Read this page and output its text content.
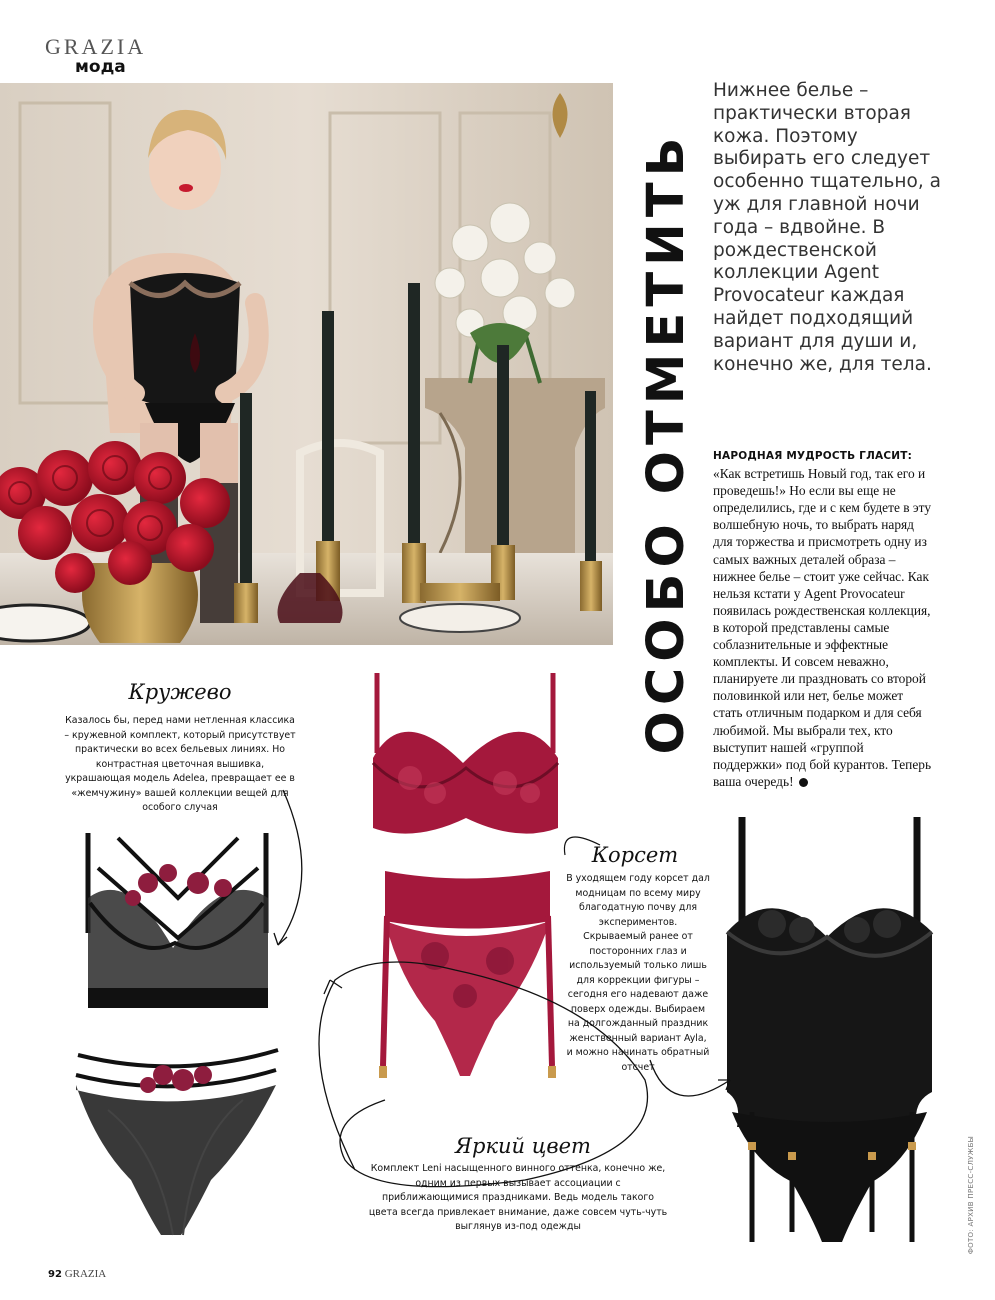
GRAZIA
мода
ОСОБО ОТМЕТИТЬ
Нижнее белье – практически вторая кожа. Поэтому выбирать его следует особенно тщательно, а уж для главной ночи года – вдвойне. В рождественской коллекции Agent Provocateur каждая найдет подходящий вариант для души и, конечно же, для тела.
НАРОДНАЯ МУДРОСТЬ ГЛАСИТ: «Как встретишь Новый год, так его и проведешь!» Но если вы еще не определились, где и с кем будете в эту волшебную ночь, то выбрать наряд для торжества и присмотреть одну из самых важных деталей образа – нижнее белье – стоит уже сейчас. Как нельзя кстати у Agent Provocateur появилась рождественская коллекция, в которой представлены самые соблазнительные и эффектные комплекты. И совсем неважно, планируете ли праздновать со второй половинкой или нет, белье может стать отличным подарком и для себя любимой. Мы выбрали тех, кто выступит нашей «группой поддержки» под бой курантов. Теперь ваша очередь!
Кружево
Казалось бы, перед нами нетленная классика – кружевной комплект, который присутствует практически во всех бельевых линиях. Но контрастная цветочная вышивка, украшающая модель Adelea, превращает ее в «жемчужину» вашей коллекции вещей для особого случая
Корсет
В уходящем году корсет дал модницам по всему миру благодатную почву для экспериментов. Скрываемый ранее от посторонних глаз и используемый только лишь для коррекции фигуры – сегодня его надевают даже поверх одежды. Выбираем на долгожданный праздник женственный вариант Ayla, и можно начинать обратный отсчет
Яркий цвет
Комплект Leni насыщенного винного оттенка, конечно же, одним из первых вызывает ассоциации с приближающимися праздниками. Ведь модель такого цвета всегда привлекает внимание, даже совсем чуть-чуть выглянув из-под одежды	ФОТО: АРХИВ ПРЕСС-СЛУЖБЫ
92 GRAZIA
